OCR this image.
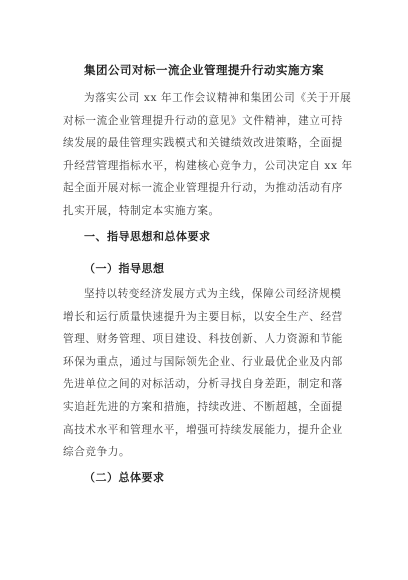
集团公司对标一流企业管理提升行动实施方案
为落实公司 xx 年工作会议精神和集团公司《关于开展
对标一流企业管理提升行动的意见》文件精神，建立可持
续发展的最佳管理实践模式和关键绩效改进策略，全面提
升经营管理指标水平，构建核心竞争力，公司决定自 xx 年
起全面开展对标一流企业管理提升行动，为推动活动有序
扎实开展，特制定本实施方案。
一、指导思想和总体要求
（一）指导思想
坚持以转变经济发展方式为主线，保障公司经济规模
增长和运行质量快速提升为主要目标，以安全生产、经营
管理、财务管理、项目建设、科技创新、人力资源和节能
环保为重点，通过与国际领先企业、行业最优企业及内部
先进单位之间的对标活动，分析寻找自身差距，制定和落
实追赶先进的方案和措施，持续改进、不断超越，全面提
高技术水平和管理水平，增强可持续发展能力，提升企业
综合竞争力。
（二）总体要求
